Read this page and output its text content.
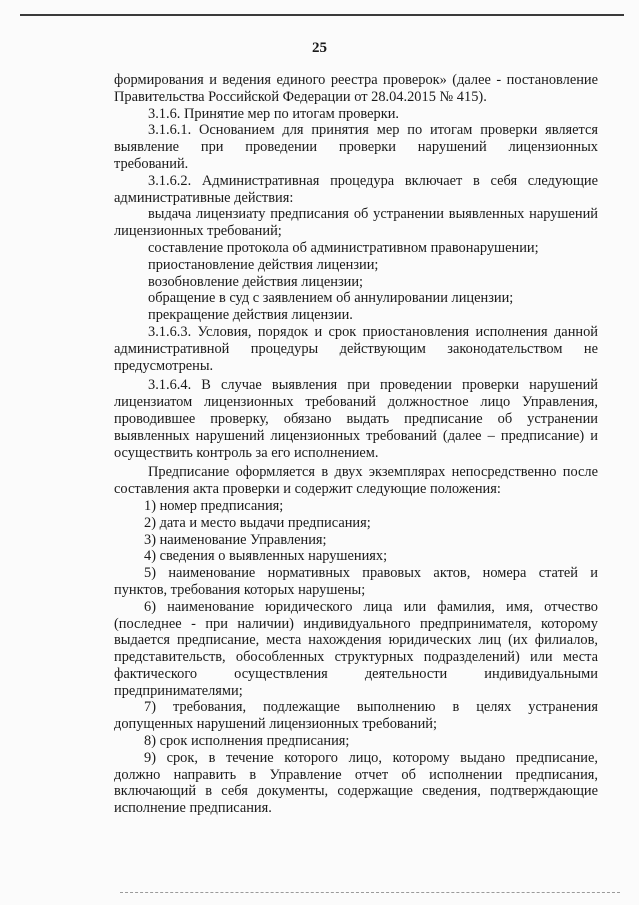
25
формирования и ведения единого реестра проверок» (далее - постановление
Правительства Российской Федерации от 28.04.2015 № 415).
3.1.6. Принятие мер по итогам проверки.
3.1.6.1. Основанием для принятия мер по итогам проверки является
выявление при проведении проверки нарушений лицензионных
требований.
3.1.6.2. Административная процедура включает в себя следующие
административные действия:
выдача лицензиату предписания об устранении выявленных нарушений
лицензионных требований;
составление протокола об административном правонарушении;
приостановление действия лицензии;
возобновление действия лицензии;
обращение в суд с заявлением об аннулировании лицензии;
прекращение действия лицензии.
3.1.6.3. Условия, порядок и срок приостановления исполнения данной
административной процедуры действующим законодательством не
предусмотрены.
3.1.6.4. В случае выявления при проведении проверки нарушений
лицензиатом лицензионных требований должностное лицо Управления,
проводившее проверку, обязано выдать предписание об устранении
выявленных нарушений лицензионных требований (далее – предписание) и
осуществить контроль за его исполнением.
Предписание оформляется в двух экземплярах непосредственно после
составления акта проверки и содержит следующие положения:
1) номер предписания;
2) дата и место выдачи предписания;
3) наименование Управления;
4) сведения о выявленных нарушениях;
5) наименование нормативных правовых актов, номера статей и
пунктов, требования которых нарушены;
6) наименование юридического лица или фамилия, имя, отчество
(последнее - при наличии) индивидуального предпринимателя, которому
выдается предписание, места нахождения юридических лиц (их филиалов,
представительств, обособленных структурных подразделений) или места
фактического осуществления деятельности индивидуальными
предпринимателями;
7) требования, подлежащие выполнению в целях устранения
допущенных нарушений лицензионных требований;
8) срок исполнения предписания;
9) срок, в течение которого лицо, которому выдано предписание,
должно направить в Управление отчет об исполнении предписания,
включающий в себя документы, содержащие сведения, подтверждающие
исполнение предписания.
